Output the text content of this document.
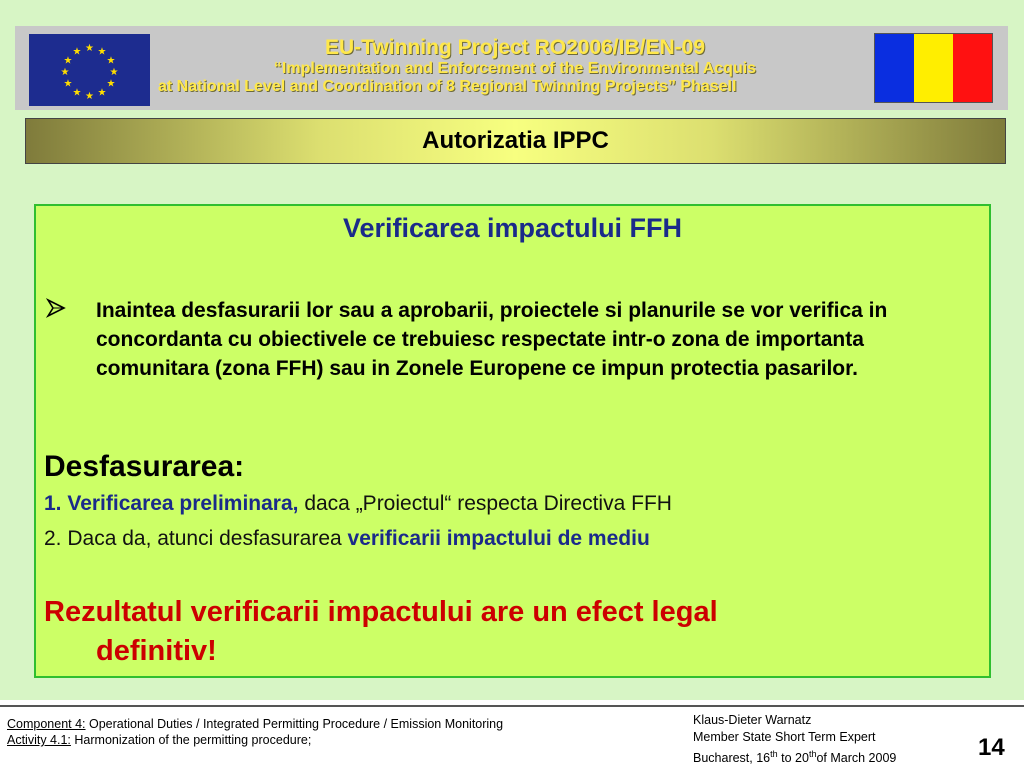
★ ★
★
★
★
★
★
★
★
★
★
★	EU-Twinning Project RO2006/IB/EN-09
“Implementation and Enforcement of the Environmental Acquis
at National Level and Coordination of 8 Regional Twinning Projects” PhaseII
Autorizatia IPPC
Verificarea impactului FFH
Inaintea desfasurarii lor sau a aprobarii, proiectele si planurile se vor verifica in concordanta cu obiectivele ce trebuiesc respectate intr-o zona de importanta comunitara (zona FFH) sau in Zonele Europene ce impun protectia pasarilor.
Desfasurarea:
1. Verificarea preliminara, daca „Proiectul“ respecta Directiva FFH
2. Daca da, atunci desfasurarea verificarii impactului de mediu
Rezultatul verificarii impactului are un efect legal
definitiv!
Component 4: Operational Duties / Integrated Permitting Procedure / Emission Monitoring
Activity 4.1: Harmonization of the permitting procedure;
Klaus-Dieter Warnatz
Member State Short Term Expert
Bucharest, 16th to 20thof March 2009	14
